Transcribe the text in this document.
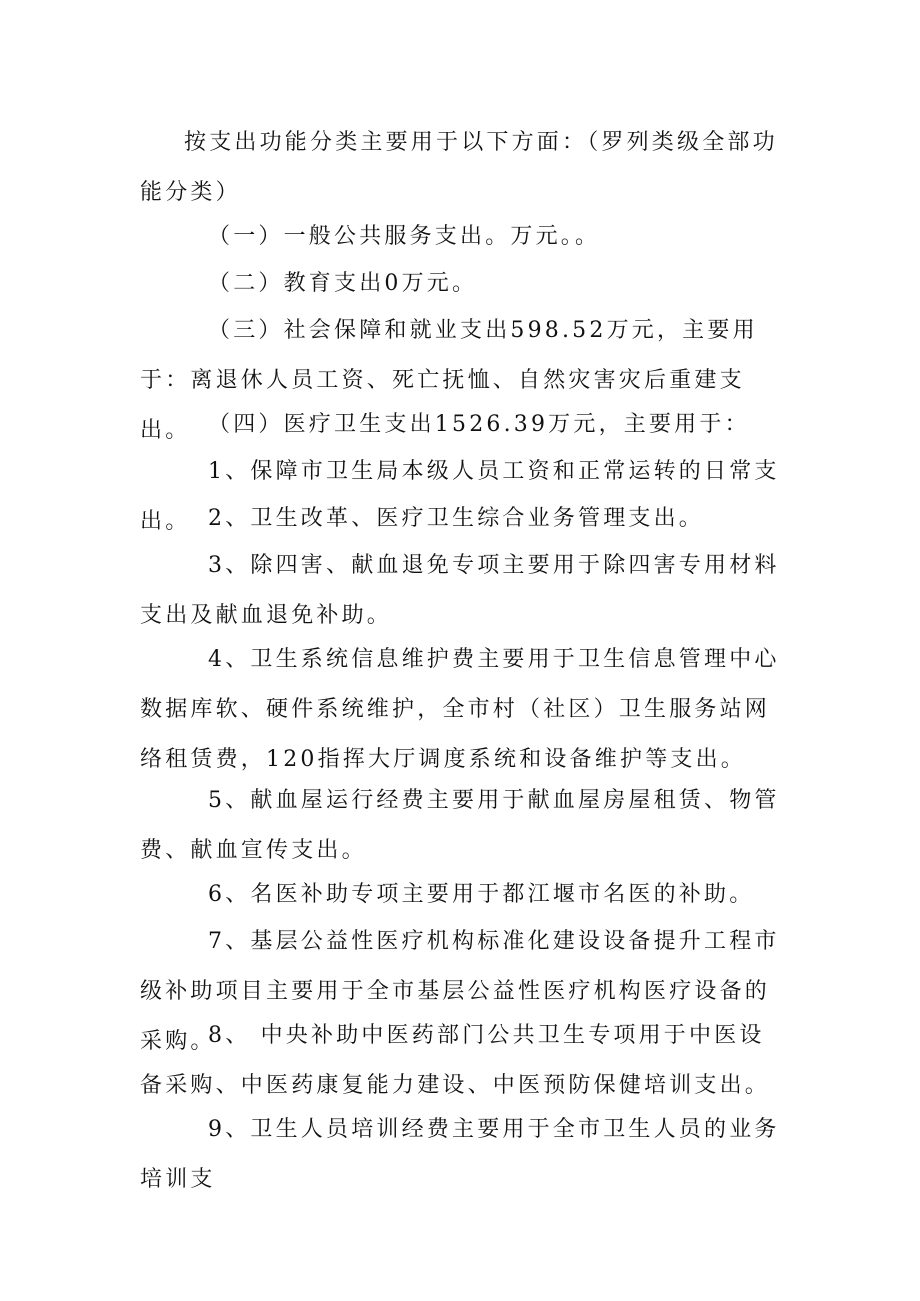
按支出功能分类主要用于以下方面：（罗列类级全部功能分类）

（一）一般公共服务支出。万元。。

（二）教育支出0万元。

（三）社会保障和就业支出598.52万元，主要用于：离退休人员工资、死亡抚恤、自然灾害灾后重建支出。 （四）医疗卫生支出1526.39万元，主要用于：

1、保障市卫生局本级人员工资和正常运转的日常支出。 2、卫生改革、医疗卫生综合业务管理支出。

3、除四害、献血退免专项主要用于除四害专用材料支出及献血退免补助。

4、卫生系统信息维护费主要用于卫生信息管理中心数据库软、硬件系统维护，全市村（社区）卫生服务站网络租赁费，120指挥大厅调度系统和设备维护等支出。

5、献血屋运行经费主要用于献血屋房屋租赁、物管费、献血宣传支出。

6、名医补助专项主要用于都江堰市名医的补助。

7、基层公益性医疗机构标准化建设设备提升工程市级补助项目主要用于全市基层公益性医疗机构医疗设备的采购。

8、 中央补助中医药部门公共卫生专项用于中医设备采购、中医药康复能力建设、中医预防保健培训支出。

9、卫生人员培训经费主要用于全市卫生人员的业务培训支
